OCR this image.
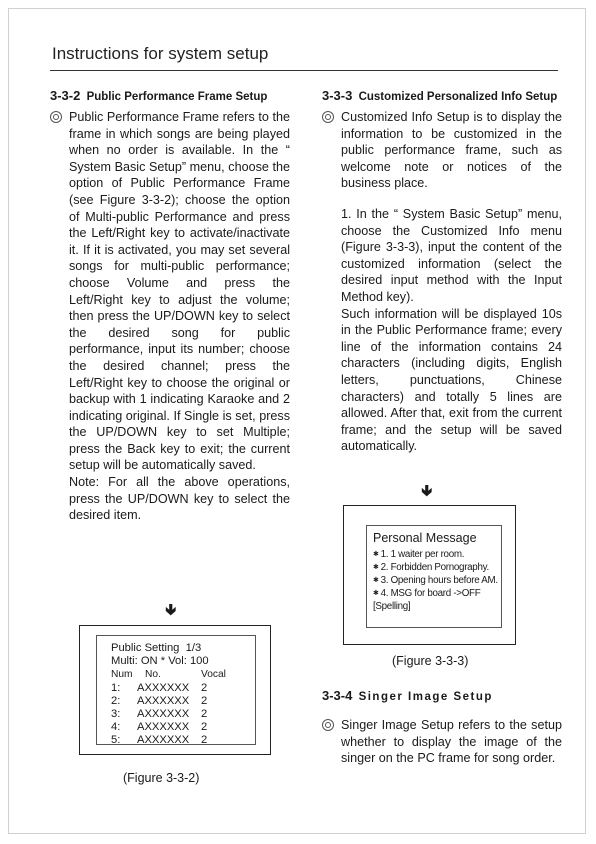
Instructions for system setup
3-3-2 Public Performance Frame Setup
Public Performance Frame refers to the frame in which songs are being played when no order is available. In the “ System Basic Setup” menu, choose the option of Public Performance Frame (see Figure 3-3-2); choose the option of Multi-public Performance and press the Left/Right key to activate/inactivate it. If it is activated, you may set several songs for multi-public performance; choose Volume and press the Left/Right key to adjust the volume; then press the UP/DOWN key to select the desired song for public performance, input its number; choose the desired channel; press the Left/Right key to choose the original or backup with 1 indicating Karaoke and 2 indicating original. If Single is set, press the UP/DOWN key to set Multiple; press the Back key to exit; the current setup will be automatically saved.
Note: For all the above operations, press the UP/DOWN key to select the desired item.
🢃
Public Setting  1/3
Multi: ON * Vol: 100
Num	No.	Vocal
1:	AXXXXXX	2
2:	AXXXXXX	2
3:	AXXXXXX	2
4:	AXXXXXX	2
5:	AXXXXXX	2
(Figure 3-3-2)
3-3-3 Customized Personalized Info Setup
Customized Info Setup is to display the information to be customized in the public performance frame, such as welcome note or notices of the business place.
1. In the “ System Basic Setup” menu, choose the Customized Info menu (Figure 3-3-3), input the content of the customized information (select the desired input method with the Input Method key).
Such information will be displayed 10s in the Public Performance frame; every line of the information contains 24 characters (including digits, English letters, punctuations, Chinese characters) and totally 5 lines are allowed. After that, exit from the current frame; and the setup will be saved automatically.
🢃
Personal Message
✱ 1. 1 waiter per room.
✱ 2. Forbidden Pornography.
✱ 3. Opening hours before AM.
✱ 4. MSG for board ->OFF
[Spelling]
(Figure 3-3-3)
3-3-4 Singer Image Setup
Singer Image Setup refers to the setup whether to display the image of the singer on the PC frame for song order.
